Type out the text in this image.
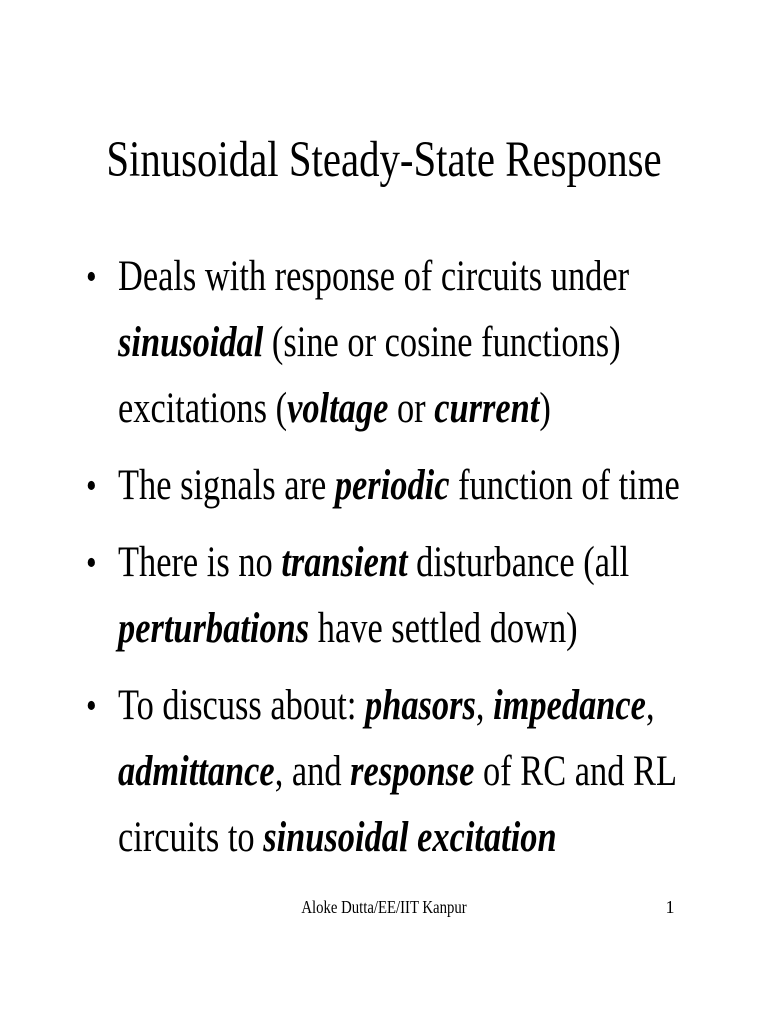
Sinusoidal Steady-State Response
• Deals with response of circuits under
sinusoidal (sine or cosine functions)
excitations (voltage or current)
• The signals are periodic function of time
• There is no transient disturbance (all
perturbations have settled down)
• To discuss about: phasors, impedance,
admittance, and response of RC and RL
circuits to sinusoidal excitation
Aloke Dutta/EE/IIT Kanpur	1
